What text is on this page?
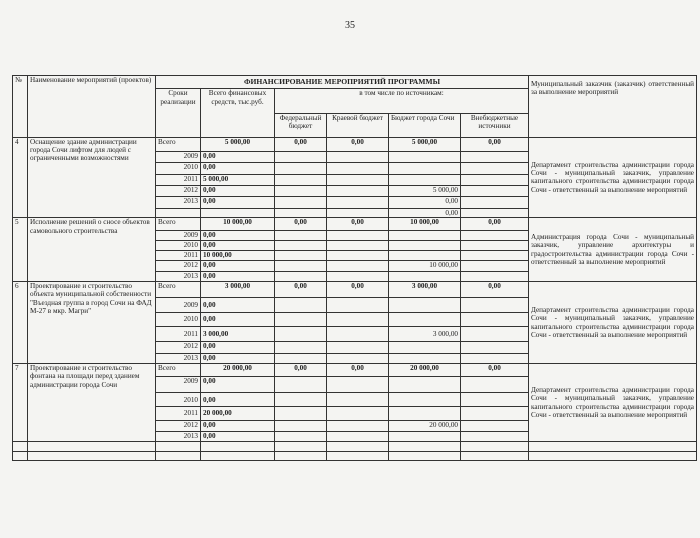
35
№	Наименование мероприятий (проектов)	ФИНАНСИРОВАНИЕ МЕРОПРИЯТИЙ ПРОГРАММЫ						Муниципальный заказчик (заказчик) ответственный за выполнение мероприятий
		Сроки реализации	Всего финансовых средств, тыс.руб.	в том числе по источникам:				
				Федеральный бюджет	Краевой бюджет	Бюджет города Сочи	Внебюджетные источники	
4	Оснащение здание администрации города Сочи лифтом для людей с ограниченными возможностями	Всего	5 000,00	0,00	0,00	5 000,00	0,00	Департамент строительства администрации города Сочи - муниципальный заказчик, управление капитального строительства администрации города Сочи - ответственный за выполнение мероприятий
		2009	0,00					
		2010	0,00					
		2011	5 000,00					
		2012	0,00			5 000,00		
		2013	0,00			0,00		
						0,00		
5	Исполнение решений о сносе объектов самовольного строительства	Всего	10 000,00	0,00	0,00	10 000,00	0,00	Администрация города Сочи - муниципальный заказчик, управление архитектуры и градостроительства администрации города Сочи - ответственный за выполнение мероприятий
		2009	0,00					
		2010	0,00					
		2011	10 000,00					
		2012	0,00			10 000,00		
		2013	0,00					
6	Проектирование и строительство объекта муниципальной собственности "Въездная группа в город Сочи на ФАД М-27 в мкр. Магри"	Всего	3 000,00	0,00	0,00	3 000,00	0,00	Департамент строительства администрации города Сочи - муниципальный заказчик, управление капитального строительства администрации города Сочи - ответственный за выполнение мероприятий
		2009	0,00					
		2010	0,00					
		2011	3 000,00			3 000,00		
		2012	0,00					
		2013	0,00					
7	Проектирование и строительство фонтана на площади перед зданием администрации города Сочи	Всего	20 000,00	0,00	0,00	20 000,00	0,00	Департамент строительства администрации города Сочи - муниципальный заказчик, управление капитального строительства администрации города Сочи - ответственный за выполнение мероприятий
		2009	0,00					
		2010	0,00					
		2011	20 000,00					
		2012	0,00			20 000,00		
		2013	0,00					
